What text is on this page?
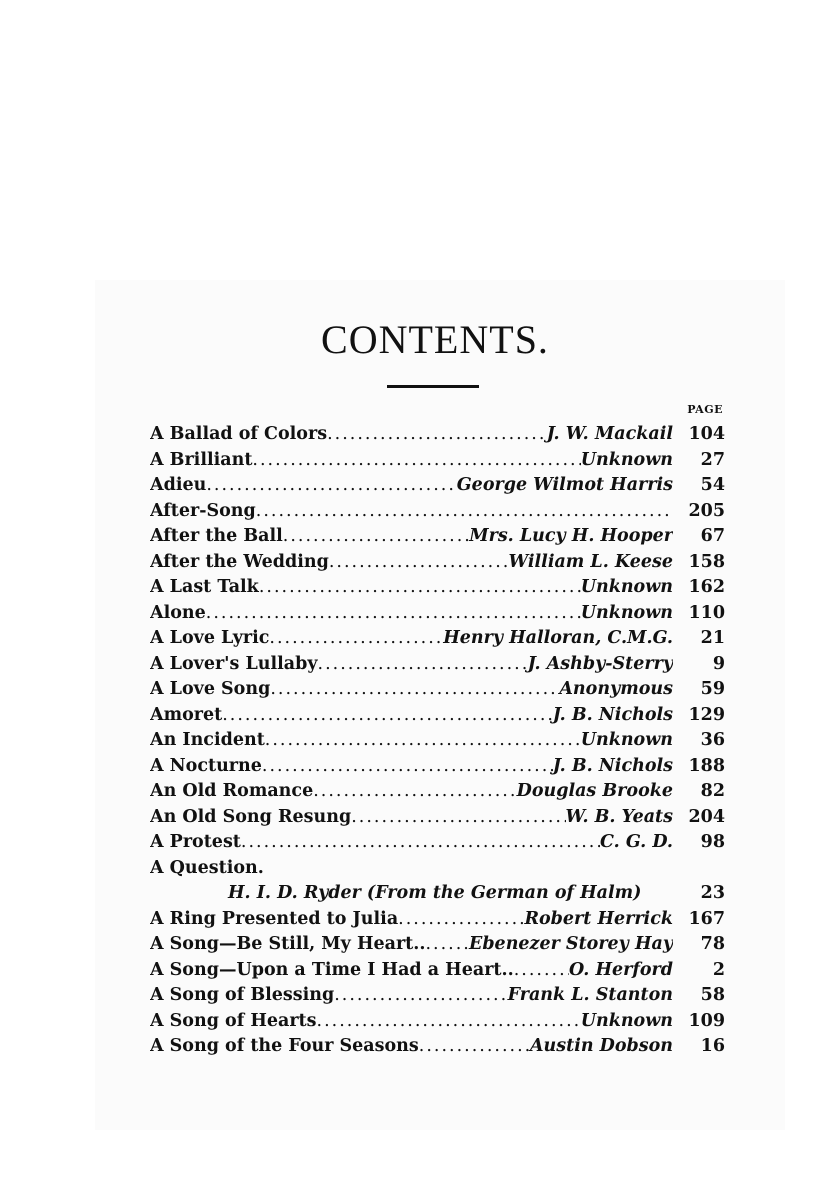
CONTENTS.
PAGE
A Ballad of Colors .....	J. W. Mackail 104
A Brilliant .....	Unknown	27
Adieu .....	George Wilmot Harris	54
After-Song .....	205
After the Ball .....	Mrs. Lucy H. Hooper	67
After the Wedding .....	William L. Keese 158
A Last Talk .....	Unknown 162
Alone .....	Unknown 110
A Love Lyric .....	Henry Halloran, C.M.G.	21
A Lover's Lullaby .....	J. Ashby-Sterry	9
A Love Song .....	Anonymous	59
Amoret .....	J. B. Nichols 129
An Incident .....	Unknown	36
A Nocturne .....	J. B. Nichols 188
An Old Romance .....	Douglas Brooke	82
An Old Song Resung .....	W. B. Yeats 204
A Protest .....	C. G. D.	98
A Question.
H. I. D. Ryder (From the German of Halm)	23
A Ring Presented to Julia .....	Robert Herrick 167
A Song—Be Still, My Heart.. ..... Ebenezer Storey Hay	78
A Song—Upon a Time I Had a Heart.. .....	O. Herford	2
A Song of Blessing .....	Frank L. Stanton	58
A Song of Hearts .....	Unknown 109
A Song of the Four Seasons .....	Austin Dobson	16
